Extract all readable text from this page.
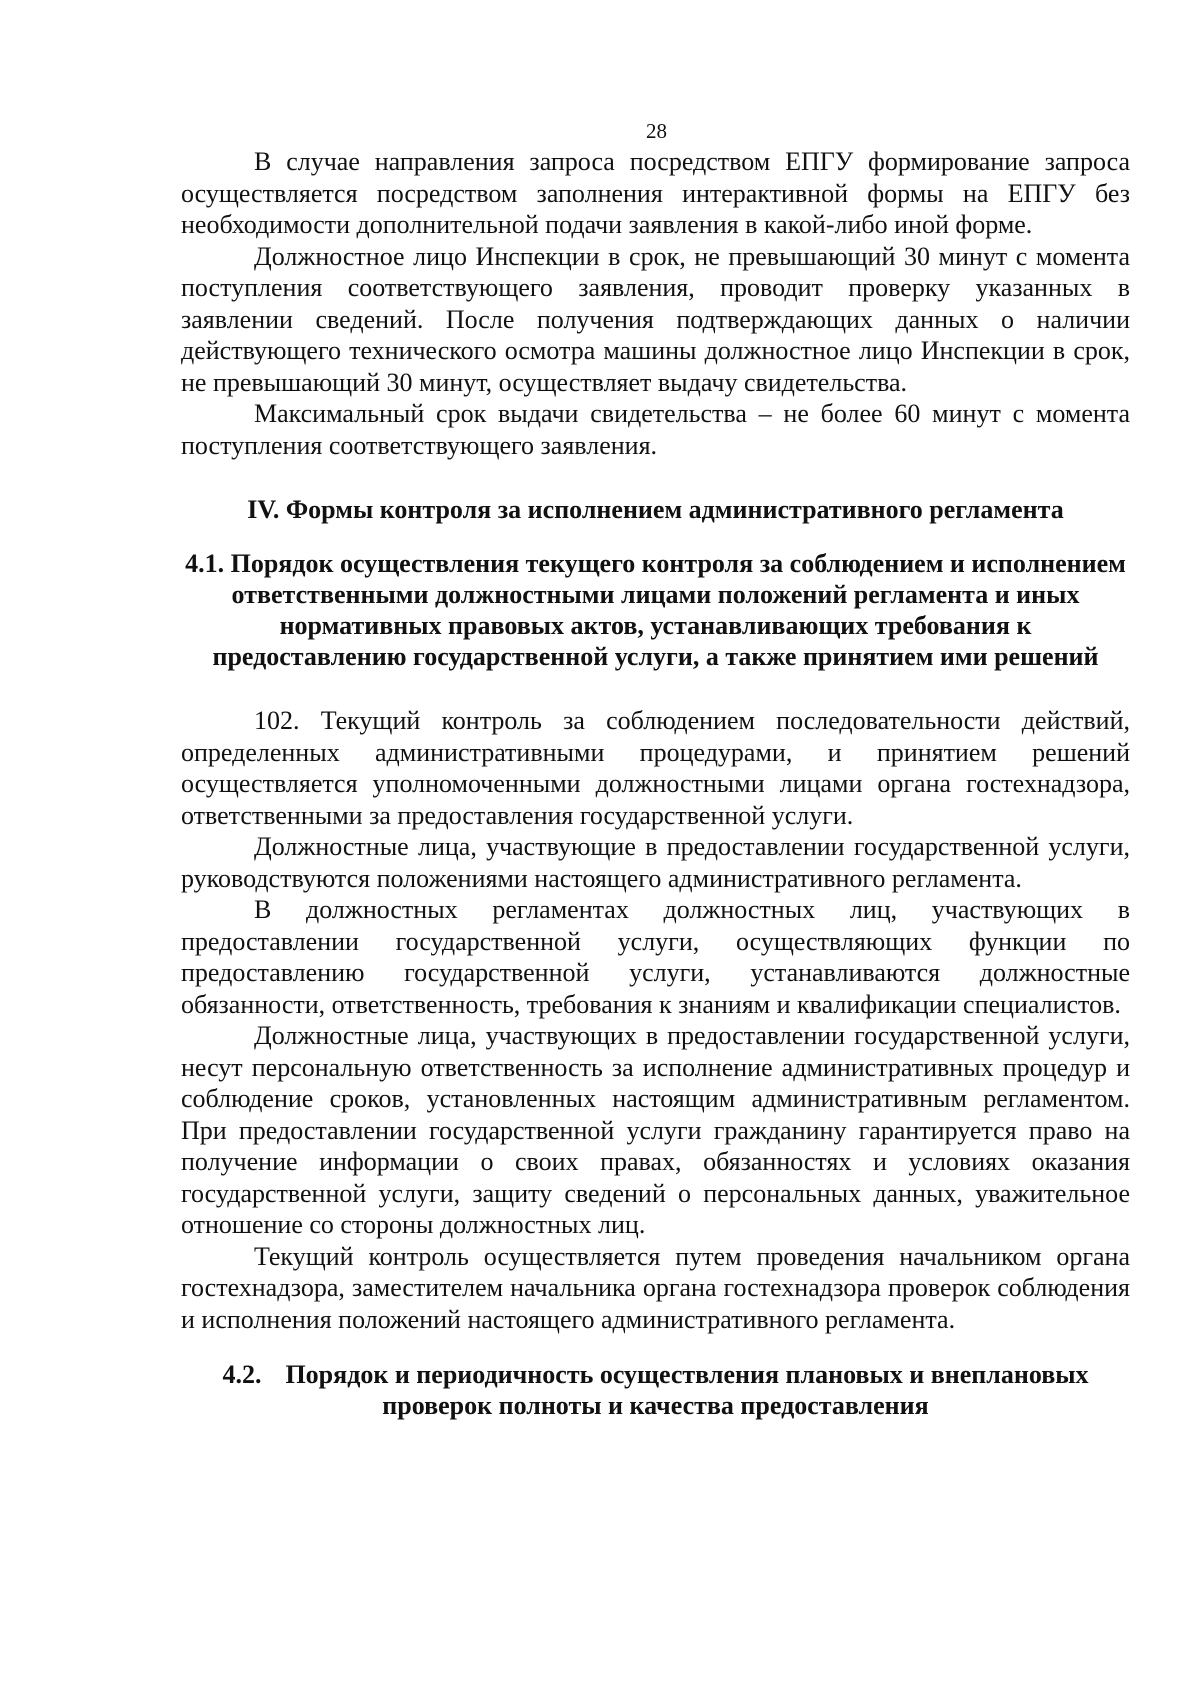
28

В случае направления запроса посредством ЕПГУ формирование запроса осуществляется посредством заполнения интерактивной формы на ЕПГУ без необходимости дополнительной подачи заявления в какой-либо иной форме.

Должностное лицо Инспекции в срок, не превышающий 30 минут с момента поступления соответствующего заявления, проводит проверку указанных в заявлении сведений. После получения подтверждающих данных о наличии действующего технического осмотра машины должностное лицо Инспекции в срок, не превышающий 30 минут, осуществляет выдачу свидетельства.

Максимальный срок выдачи свидетельства – не более 60 минут с момента поступления соответствующего заявления.

IV. Формы контроля за исполнением административного регламента

4.1. Порядок осуществления текущего контроля за соблюдением и исполнением ответственными должностными лицами положений регламента и иных нормативных правовых актов, устанавливающих требования к предоставлению государственной услуги, а также принятием ими решений

102. Текущий контроль за соблюдением последовательности действий, определенных административными процедурами, и принятием решений осуществляется уполномоченными должностными лицами органа гостехнадзора, ответственными за предоставления государственной услуги.

Должностные лица, участвующие в предоставлении государственной услуги, руководствуются положениями настоящего административного регламента.

В должностных регламентах должностных лиц, участвующих в предоставлении государственной услуги, осуществляющих функции по предоставлению государственной услуги, устанавливаются должностные обязанности, ответственность, требования к знаниям и квалификации специалистов.

Должностные лица, участвующих в предоставлении государственной услуги, несут персональную ответственность за исполнение административных процедур и соблюдение сроков, установленных настоящим административным регламентом. При предоставлении государственной услуги гражданину гарантируется право на получение информации о своих правах, обязанностях и условиях оказания государственной услуги, защиту сведений о персональных данных, уважительное отношение со стороны должностных лиц.

Текущий контроль осуществляется путем проведения начальником органа гостехнадзора, заместителем начальника органа гостехнадзора проверок соблюдения и исполнения положений настоящего административного регламента.

4.2. Порядок и периодичность осуществления плановых и внеплановых проверок полноты и качества предоставления
